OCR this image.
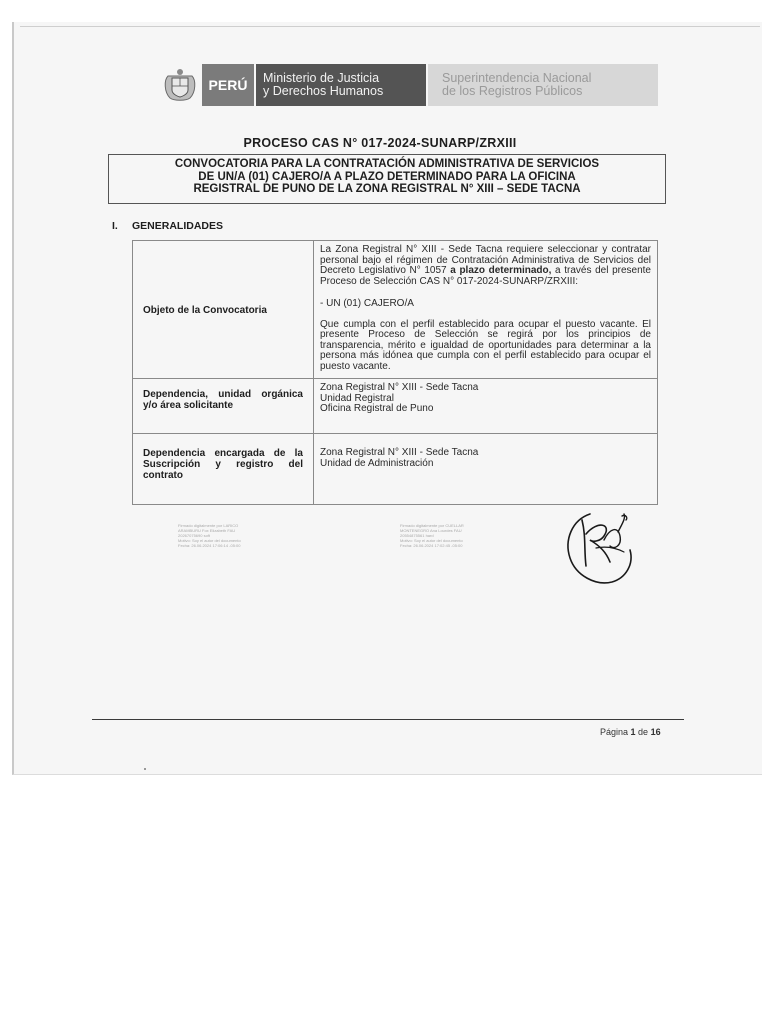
PERÚ	Ministerio de Justicia
y Derechos Humanos
Superintendencia Nacional
de los Registros Públicos
PROCESO CAS N° 017-2024-SUNARP/ZRXIII
CONVOCATORIA PARA LA CONTRATACIÓN ADMINISTRATIVA DE SERVICIOS
DE UN/A (01) CAJERO/A A PLAZO DETERMINADO PARA LA OFICINA
REGISTRAL DE PUNO DE LA ZONA REGISTRAL N° XIII – SEDE TACNA
I. GENERALIDADES
Objeto de la Convocatoria	La Zona Registral N° XIII - Sede Tacna requiere seleccionar y contratar personal bajo el régimen de Contratación Administrativa de Servicios del Decreto Legislativo N° 1057 a plazo determinado, a través del presente Proceso de Selección CAS N° 017-2024-SUNARP/ZRXIII:

- UN (01) CAJERO/A

Que cumpla con el perfil establecido para ocupar el puesto vacante. El presente Proceso de Selección se regirá por los principios de transparencia, mérito e igualdad de oportunidades para determinar a la persona más idónea que cumpla con el perfil establecido para ocupar el puesto vacante.

Dependencia, unidad orgánica y/o área solicitante	Zona Registral N° XIII - Sede Tacna
Unidad Registral
Oficina Registral de Puno

Dependencia encargada de la Suscripción y registro del contrato	Zona Registral N° XIII - Sede Tacna
Unidad de Administración
Firmado digitalmente por LARICO
ARAMBURU Fox Elizabeth FAU
20267075690 soft
Motivo: Soy el autor del documento
Fecha: 26.06.2024 17:06:14 -05:00
Firmado digitalmente por CUELLAR
MONTENEGRO Ana Lourdes FAU
20554875561 hard
Motivo: Soy el autor del documento
Fecha: 26.06.2024 17:02:45 -05:00
Página 1 de 16
